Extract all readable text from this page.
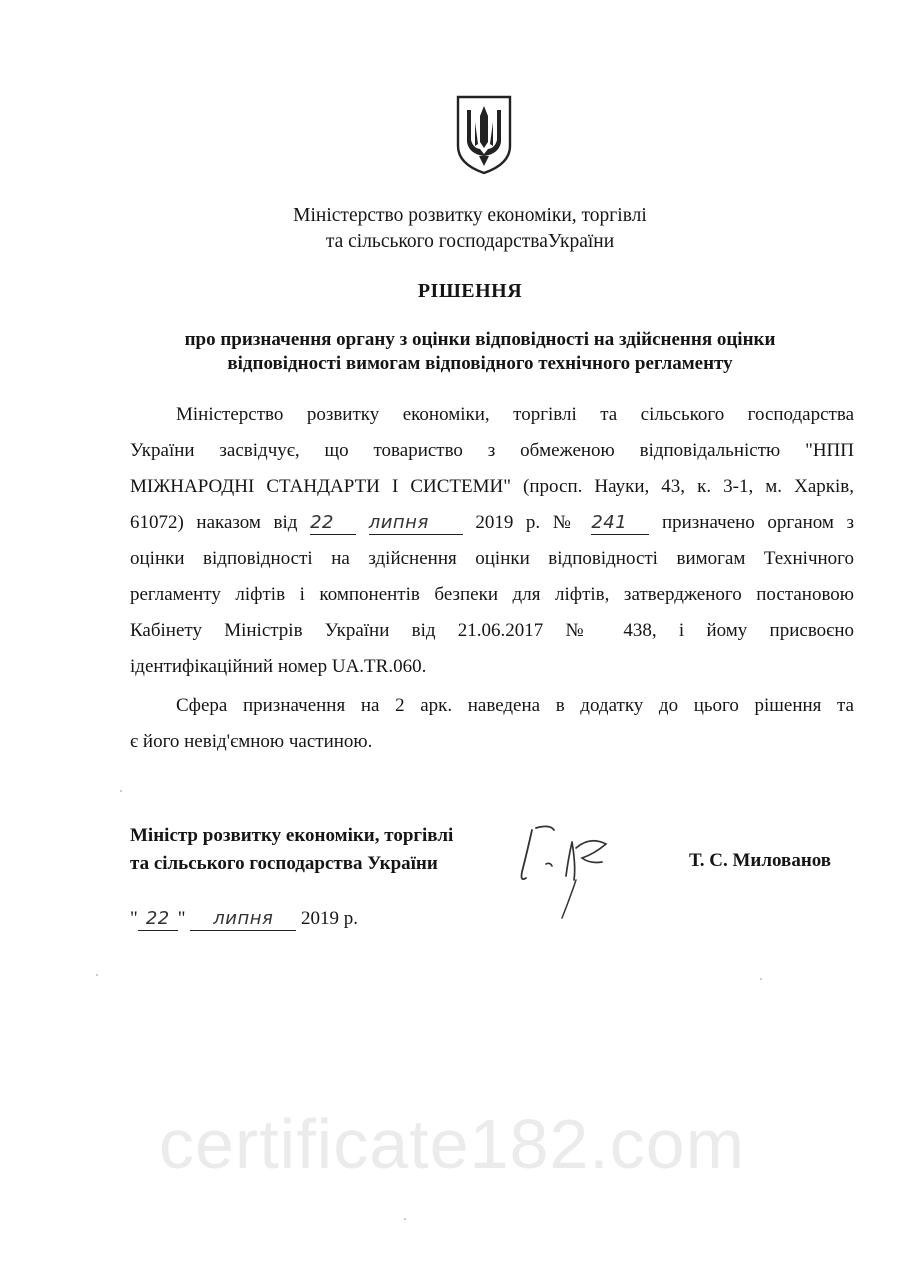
Міністерство розвитку економіки, торгівлі
та сільського господарстваУкраїни
РІШЕННЯ
про призначення органу з оцінки відповідності на здійснення оцінки
відповідності вимогам відповідного технічного регламенту
Міністерство розвитку економіки, торгівлі та сільського господарства
України засвідчує, що товариство з обмеженою відповідальністю "НПП
МІЖНАРОДНІ СТАНДАРТИ І СИСТЕМИ" (просп. Науки, 43, к. 3-1, м. Харків,
61072) наказом від 22 липня 2019 р. № 241 призначено органом з
оцінки відповідності на здійснення оцінки відповідності вимогам Технічного
регламенту ліфтів і компонентів безпеки для ліфтів, затвердженого постановою
Кабінету Міністрів України від 21.06.2017 № 438, і йому присвоєно
ідентифікаційний номер UA.TR.060.
Сфера призначення на 2 арк. наведена в додатку до цього рішення та
є його невід'ємною частиною.
Міністр розвитку економіки, торгівлі
та сільського господарства України	Т. С. Милованов
" 22 " липня 2019 р.
certificate182.com
